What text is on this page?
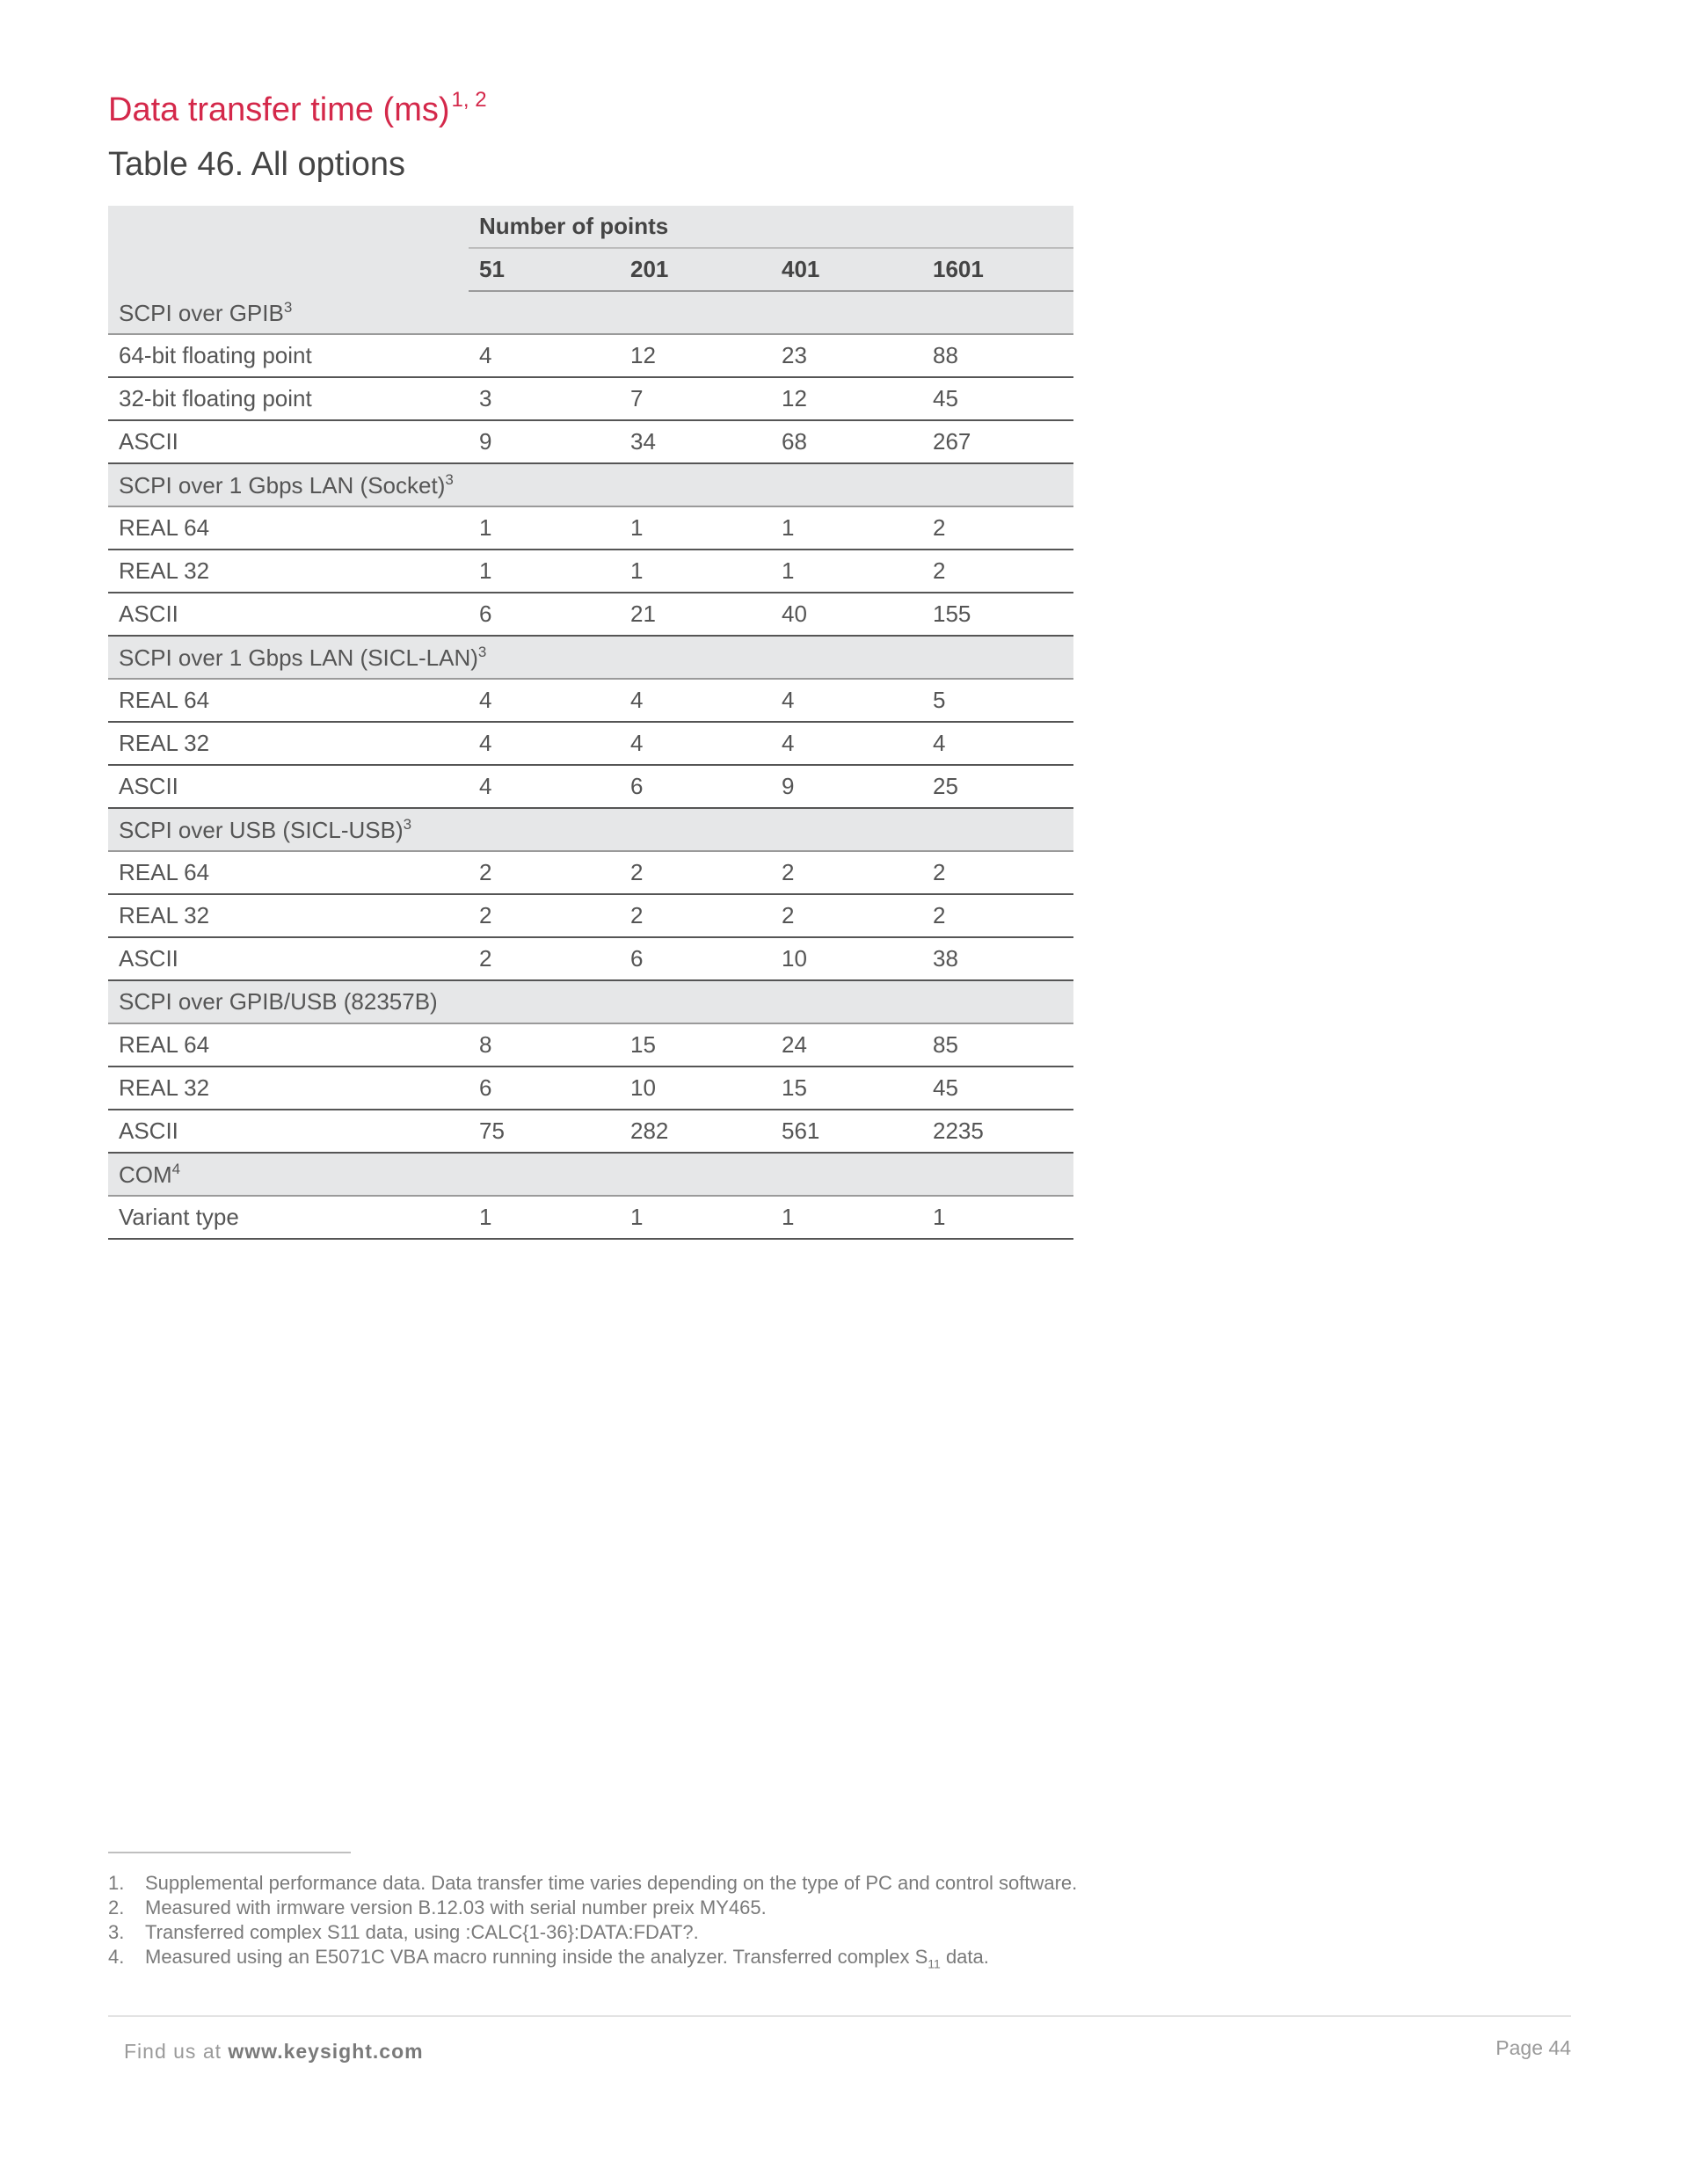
Data transfer time (ms)$^{1, 2}$
Table 46. All options
	Number of points			
	51	201	401	1601
SCPI over GPIB$^3$
64-bit floating point	4	12	23	88
32-bit floating point	3	7	12	45
ASCII	9	34	68	267
SCPI over 1 Gbps LAN (Socket)$^3$
REAL 64	1	1	1	2
REAL 32	1	1	1	2
ASCII	6	21	40	155
SCPI over 1 Gbps LAN (SICL-LAN)$^3$
REAL 64	4	4	4	5
REAL 32	4	4	4	4
ASCII	4	6	9	25
SCPI over USB (SICL-USB)$^3$
REAL 64	2	2	2	2
REAL 32	2	2	2	2
ASCII	2	6	10	38
SCPI over GPIB/USB (82357B)				
REAL 64	8	15	24	85
REAL 32	6	10	15	45
ASCII	75	282	561	2235
COM$^4$
Variant type	1	1	1	1
1.	Supplemental performance data. Data transfer time varies depending on the type of PC and control software.
2.	Measured with irmware version B.12.03 with serial number preix MY465.
3.	Transferred complex S11 data, using :CALC{1-36}:DATA:FDAT?.
4.	Measured using an E5071C VBA macro running inside the analyzer. Transferred complex $S_{11}$ data.
Find us at www.keysight.com	Page 44
